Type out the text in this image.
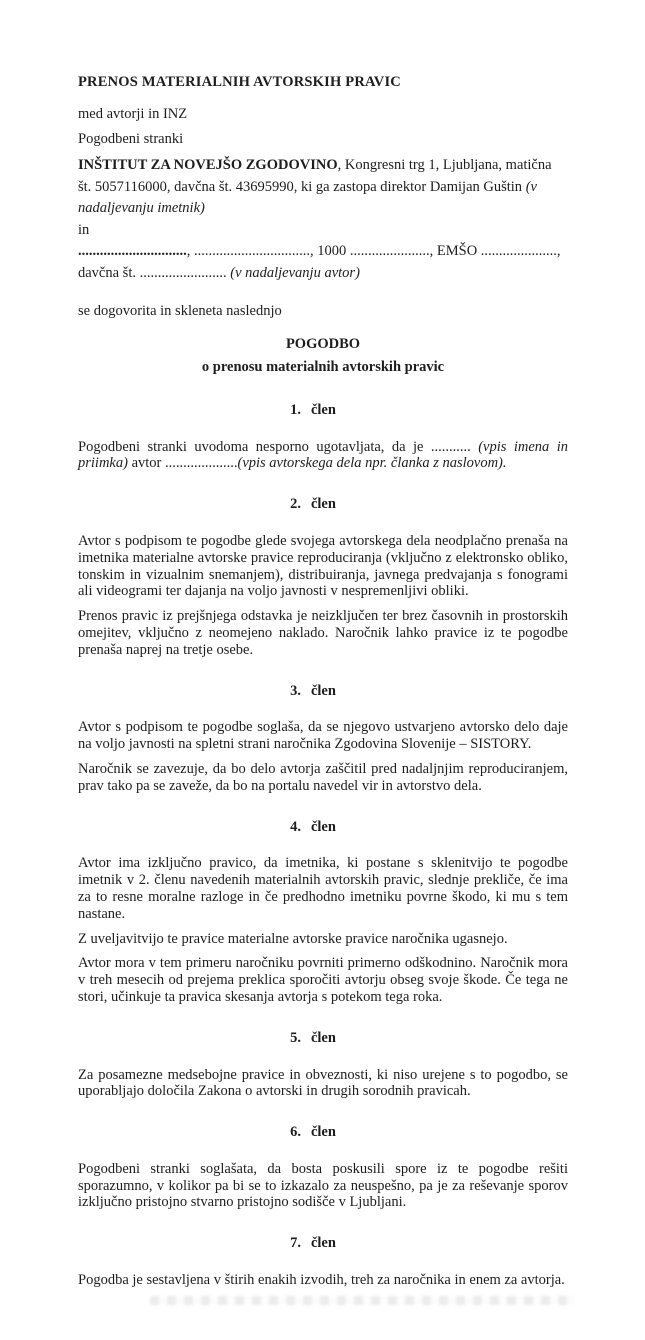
PRENOS MATERIALNIH AVTORSKIH PRAVIC

med avtorji in INZ

Pogodbeni stranki

INŠTITUT ZA NOVEJŠO ZGODOVINO, Kongresni trg 1, Ljubljana, matična št. 5057116000, davčna št. 43695990, ki ga zastopa direktor Damijan Guštin (v nadaljevanju imetnik)

in

.............................., ................................, 1000 ......................, EMŠO .....................,

davčna št. ........................ (v nadaljevanju avtor)

se dogovorita in skleneta naslednjo

POGODBO

o prenosu materialnih avtorskih pravic

1. člen

Pogodbeni stranki uvodoma nesporno ugotavljata, da je ........... (vpis imena in priimka) avtor ....................(vpis avtorskega dela npr. članka z naslovom).

2. člen

Avtor s podpisom te pogodbe glede svojega avtorskega dela neodplačno prenaša na imetnika materialne avtorske pravice reproduciranja (vključno z elektronsko obliko, tonskim in vizualnim snemanjem), distribuiranja, javnega predvajanja s fonogrami ali videogrami ter dajanja na voljo javnosti v nespremenljivi obliki.

Prenos pravic iz prejšnjega odstavka je neizključen ter brez časovnih in prostorskih omejitev, vključno z neomejeno naklado. Naročnik lahko pravice iz te pogodbe prenaša naprej na tretje osebe.

3. člen

Avtor s podpisom te pogodbe soglaša, da se njegovo ustvarjeno avtorsko delo daje na voljo javnosti na spletni strani naročnika Zgodovina Slovenije – SISTORY.

Naročnik se zavezuje, da bo delo avtorja zaščitil pred nadaljnjim reproduciranjem, prav tako pa se zaveže, da bo na portalu navedel vir in avtorstvo dela.

4. člen

Avtor ima izključno pravico, da imetnika, ki postane s sklenitvijo te pogodbe imetnik v 2. členu navedenih materialnih avtorskih pravic, slednje prekliče, če ima za to resne moralne razloge in če predhodno imetniku povrne škodo, ki mu s tem nastane.

Z uveljavitvijo te pravice materialne avtorske pravice naročnika ugasnejo.

Avtor mora v tem primeru naročniku povrniti primerno odškodnino. Naročnik mora v treh mesecih od prejema preklica sporočiti avtorju obseg svoje škode. Če tega ne stori, učinkuje ta pravica skesanja avtorja s potekom tega roka.

5. člen

Za posamezne medsebojne pravice in obveznosti, ki niso urejene s to pogodbo, se uporabljajo določila Zakona o avtorski in drugih sorodnih pravicah.

6. člen

Pogodbeni stranki soglašata, da bosta poskusili spore iz te pogodbe rešiti sporazumno, v kolikor pa bi se to izkazalo za neuspešno, pa je za reševanje sporov izključno pristojno stvarno pristojno sodišče v Ljubljani.

7. člen

Pogodba je sestavljena v štirih enakih izvodih, treh za naročnika in enem za avtorja.
